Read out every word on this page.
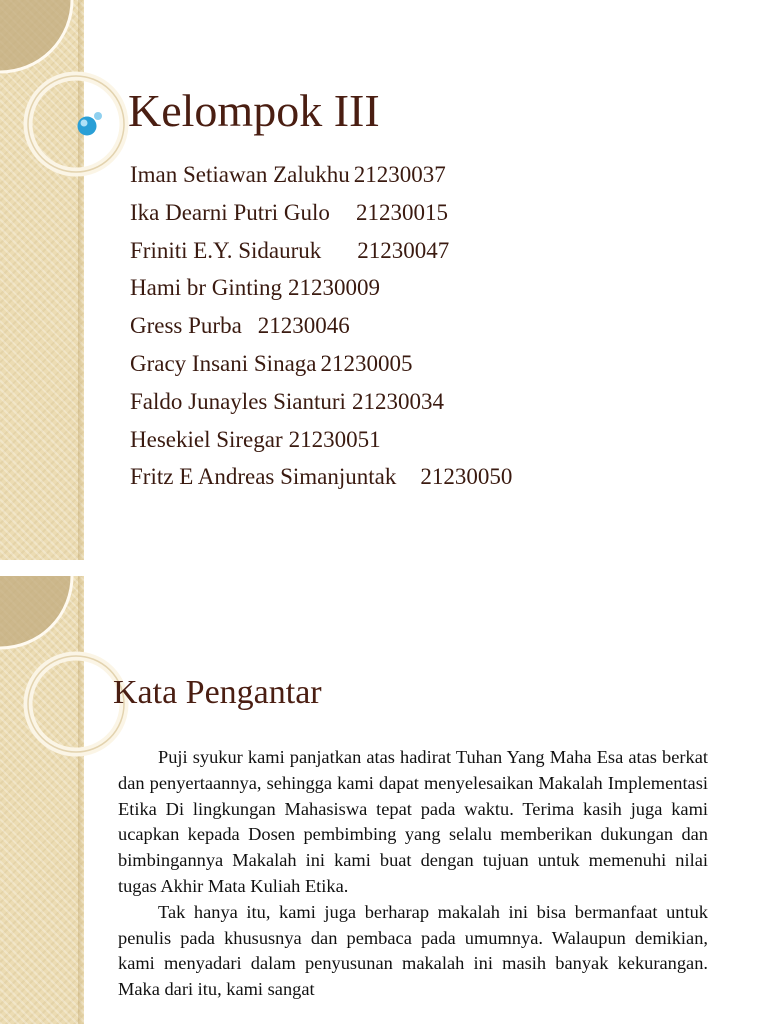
Kelompok III
Iman Setiawan Zalukhu 21230037
Ika Dearni Putri Gulo 21230015
Friniti E.Y. Sidauruk 21230047
Hami br Ginting 21230009
Gress Purba 21230046
Gracy Insani Sinaga 21230005
Faldo Junayles Sianturi 21230034
Hesekiel Siregar 21230051
Fritz E Andreas Simanjuntak 21230050
Kata Pengantar

Puji syukur kami panjatkan atas hadirat Tuhan Yang Maha Esa atas berkat dan penyertaannya, sehingga kami dapat menyelesaikan Makalah Implementasi Etika Di lingkungan Mahasiswa tepat pada waktu. Terima kasih juga kami ucapkan kepada Dosen pembimbing yang selalu memberikan dukungan dan bimbingannya Makalah ini kami buat dengan tujuan untuk memenuhi nilai tugas Akhir Mata Kuliah Etika.

Tak hanya itu, kami juga berharap makalah ini bisa bermanfaat untuk penulis pada khususnya dan pembaca pada umumnya. Walaupun demikian, kami menyadari dalam penyusunan makalah ini masih banyak kekurangan. Maka dari itu, kami sangat
